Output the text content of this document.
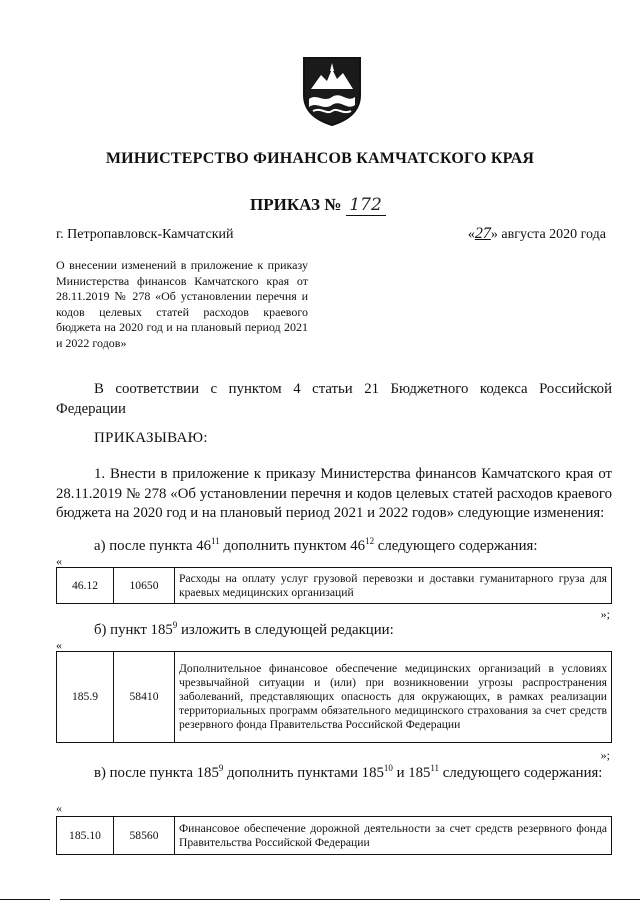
МИНИСТЕРСТВО ФИНАНСОВ КАМЧАТСКОГО КРАЯ
ПРИКАЗ № 172
г. Петропавловск-Камчатский	«27» августа 2020 года
О внесении изменений в приложение к приказу Министерства финансов Камчатского края от 28.11.2019 № 278 «Об установлении перечня и кодов целевых статей расходов краевого бюджета на 2020 год и на плановый период 2021 и 2022 годов»
В соответствии с пунктом 4 статьи 21 Бюджетного кодекса Российской Федерации
ПРИКАЗЫВАЮ:
1. Внести в приложение к приказу Министерства финансов Камчатского края от 28.11.2019 № 278 «Об установлении перечня и кодов целевых статей расходов краевого бюджета на 2020 год и на плановый период 2021 и 2022 годов» следующие изменения:
а) после пункта $46^{11}$ дополнить пунктом $46^{12}$ следующего содержания:
«
46.12	10650	Расходы на оплату услуг грузовой перевозки и доставки гуманитарного груза для краевых медицинских организаций
»;
б) пункт $185^9$ изложить в следующей редакции:
«
185.9	58410	Дополнительное финансовое обеспечение медицинских организаций в условиях чрезвычайной ситуации и (или) при возникновении угрозы распространения заболеваний, представляющих опасность для окружающих, в рамках реализации территориальных программ обязательного медицинского страхования за счет средств резервного фонда Правительства Российской Федерации
»;
в) после пункта $185^9$ дополнить пунктами $185^{10}$ и $185^{11}$ следующего содержания:
«
185.10	58560	Финансовое обеспечение дорожной деятельности за счет средств резервного фонда Правительства Российской Федерации
